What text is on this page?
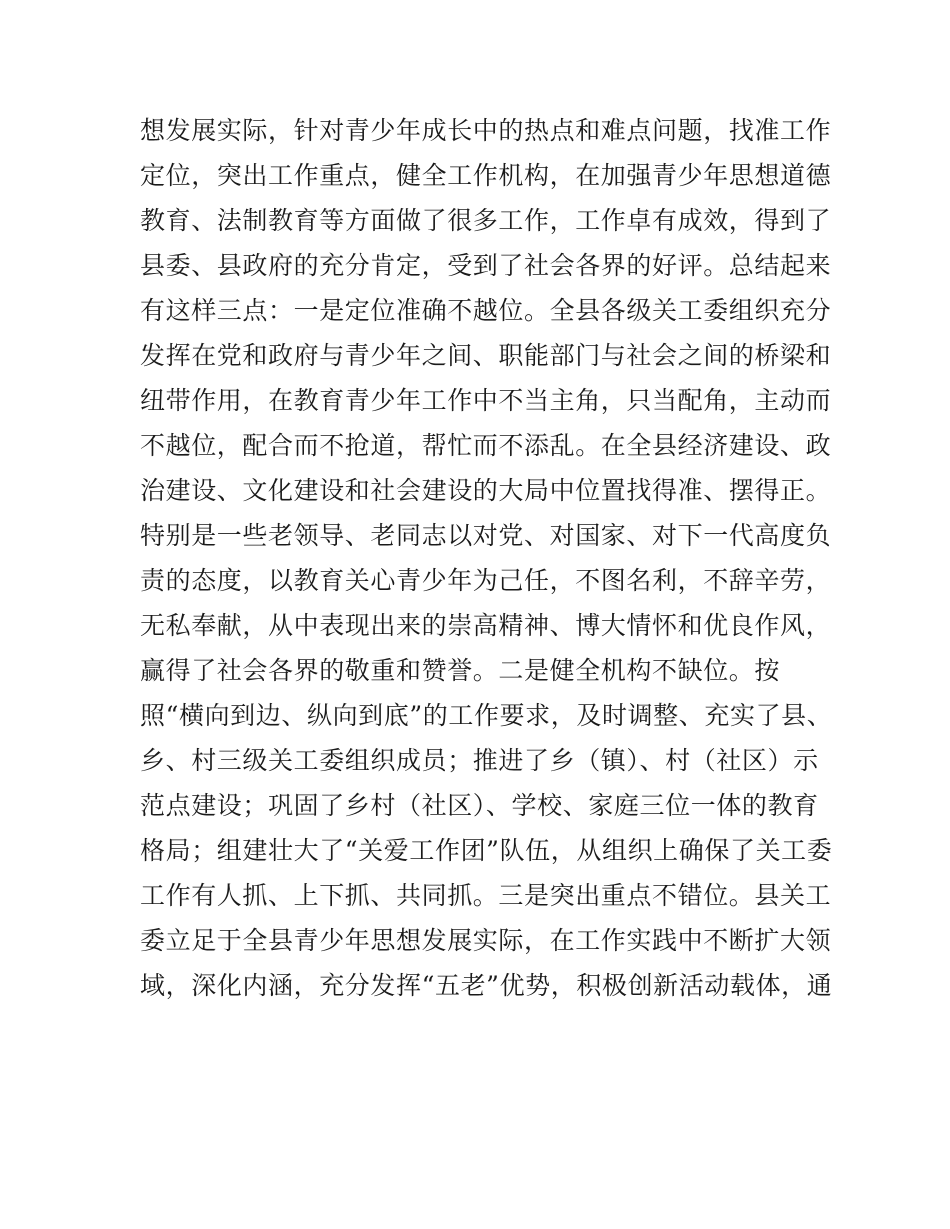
想发展实际，针对青少年成长中的热点和难点问题，找准工作
定位，突出工作重点，健全工作机构，在加强青少年思想道德
教育、法制教育等方面做了很多工作，工作卓有成效，得到了
县委、县政府的充分肯定，受到了社会各界的好评。总结起来
有这样三点：一是定位准确不越位。全县各级关工委组织充分
发挥在党和政府与青少年之间、职能部门与社会之间的桥梁和
纽带作用，在教育青少年工作中不当主角，只当配角，主动而
不越位，配合而不抢道，帮忙而不添乱。在全县经济建设、政
治建设、文化建设和社会建设的大局中位置找得准、摆得正。
特别是一些老领导、老同志以对党、对国家、对下一代高度负
责的态度，以教育关心青少年为己任，不图名利，不辞辛劳，
无私奉献，从中表现出来的崇高精神、博大情怀和优良作风，
赢得了社会各界的敬重和赞誉。二是健全机构不缺位。按
照“横向到边、纵向到底”的工作要求，及时调整、充实了县、
乡、村三级关工委组织成员；推进了乡（镇）、村（社区）示
范点建设；巩固了乡村（社区）、学校、家庭三位一体的教育
格局；组建壮大了“关爱工作团”队伍，从组织上确保了关工委
工作有人抓、上下抓、共同抓。三是突出重点不错位。县关工
委立足于全县青少年思想发展实际，在工作实践中不断扩大领
域，深化内涵，充分发挥“五老”优势，积极创新活动载体，通
